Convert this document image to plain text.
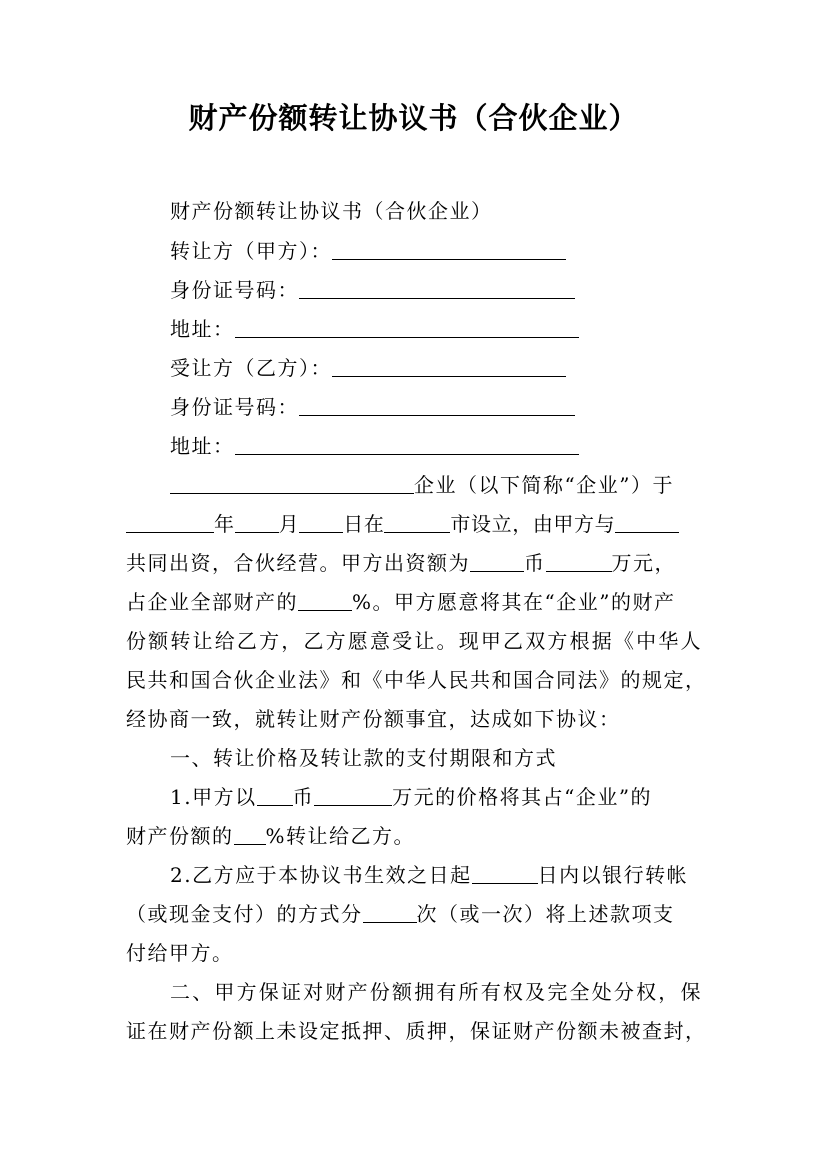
财产份额转让协议书（合伙企业）
财产份额转让协议书（合伙企业）
转让方（甲方）：
身份证号码：
地址：
受让方（乙方）：
身份证号码：
地址：
企业（以下简称“企业”）于
年 月 日在	市设立，由甲方与
共同出资，合伙经营。甲方出资额为	币	万元，
占企业全部财产的	%。甲方愿意将其在“企业”的财产
份额转让给乙方，乙方愿意受让。现甲乙双方根据《中华人
民共和国合伙企业法》和《中华人民共和国合同法》的规定，
经协商一致，就转让财产份额事宜，达成如下协议：
一、转让价格及转让款的支付期限和方式
1.甲方以 币	万元的价格将其占“企业”的
财产份额的 %转让给乙方。
2.乙方应于本协议书生效之日起	日内以银行转帐
（或现金支付）的方式分	次（或一次）将上述款项支
付给甲方。
二、甲方保证对财产份额拥有所有权及完全处分权，保
证在财产份额上未设定抵押、质押，保证财产份额未被查封，
